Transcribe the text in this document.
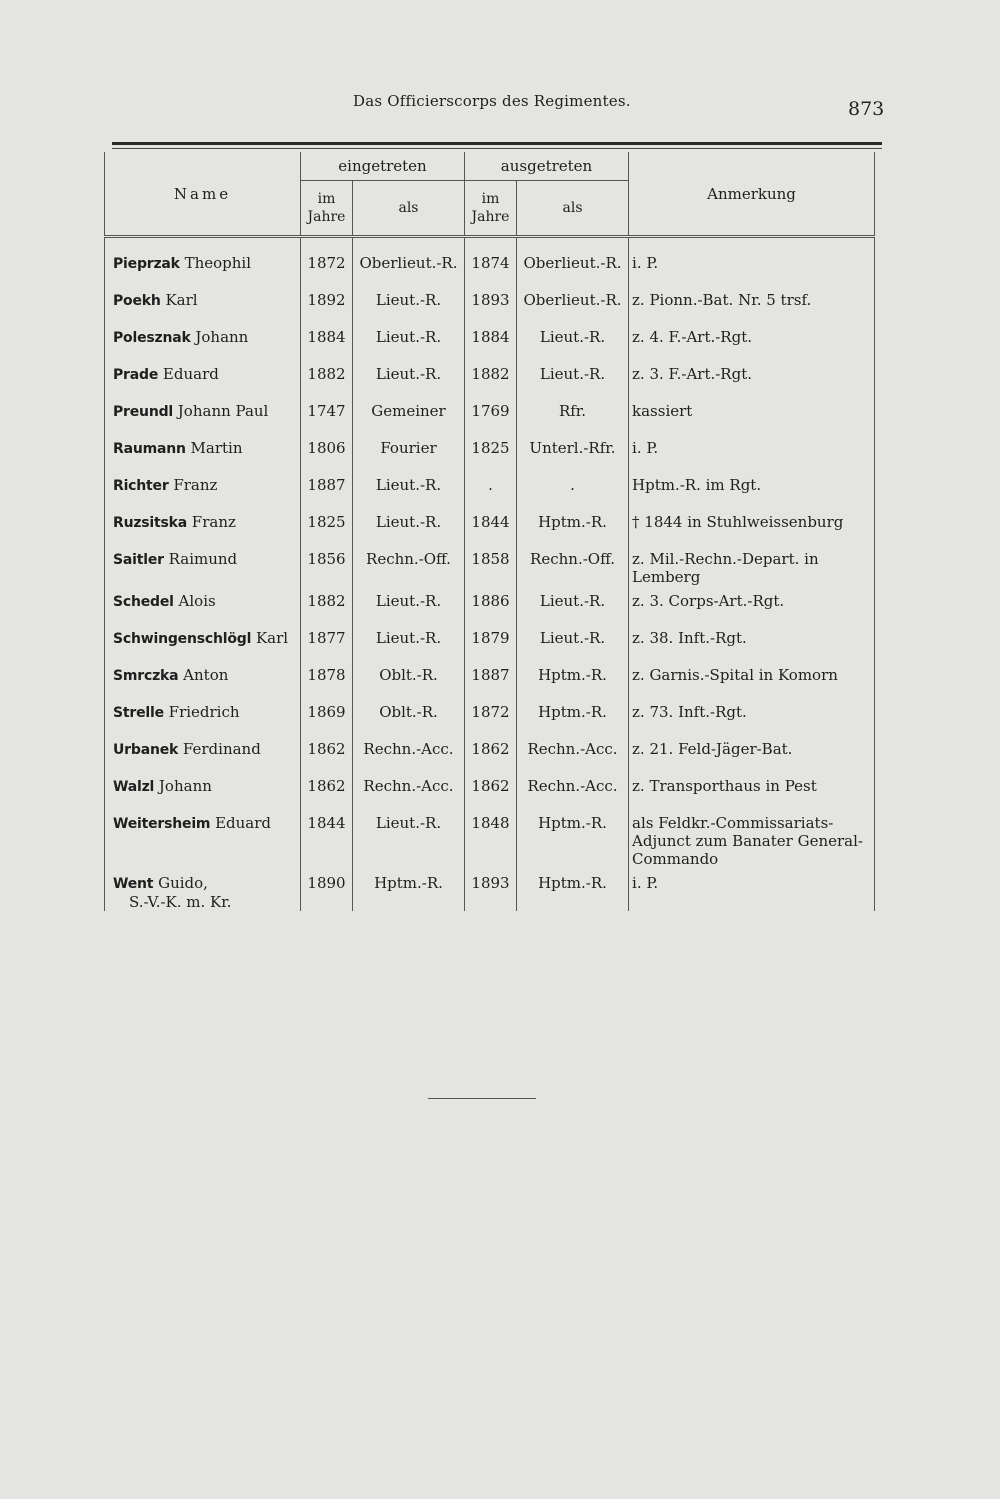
Das Officierscorps des Regimentes.	873
Name	eingetreten		ausgetreten		Anmerkung
	im Jahre	als	im Jahre	als	

Pieprzak Theophil	1872	Oberlieut.-R.	1874	Oberlieut.-R.	i. P.
Poekh Karl	1892	Lieut.-R.	1893	Oberlieut.-R.	z. Pionn.-Bat. Nr. 5 trsf.
Polesznak Johann	1884	Lieut.-R.	1884	Lieut.-R.	z. 4. F.-Art.-Rgt.
Prade Eduard	1882	Lieut.-R.	1882	Lieut.-R.	z. 3. F.-Art.-Rgt.
Preundl Johann Paul	1747	Gemeiner	1769	Rfr.	kassiert
Raumann Martin	1806	Fourier	1825	Unterl.-Rfr.	i. P.
Richter Franz	1887	Lieut.-R.	.	.	Hptm.-R. im Rgt.
Ruzsitska Franz	1825	Lieut.-R.	1844	Hptm.-R.	† 1844 in Stuhlweissenburg
Saitler Raimund	1856	Rechn.-Off.	1858	Rechn.-Off.	z. Mil.-Rechn.-Depart. in Lemberg
Schedel Alois	1882	Lieut.-R.	1886	Lieut.-R.	z. 3. Corps-Art.-Rgt.
Schwingenschlögl Karl	1877	Lieut.-R.	1879	Lieut.-R.	z. 38. Inft.-Rgt.
Smrczka Anton	1878	Oblt.-R.	1887	Hptm.-R.	z. Garnis.-Spital in Komorn
Strelle Friedrich	1869	Oblt.-R.	1872	Hptm.-R.	z. 73. Inft.-Rgt.
Urbanek Ferdinand	1862	Rechn.-Acc.	1862	Rechn.-Acc.	z. 21. Feld-Jäger-Bat.
Walzl Johann	1862	Rechn.-Acc.	1862	Rechn.-Acc.	z. Transporthaus in Pest
Weitersheim Eduard	1844	Lieut.-R.	1848	Hptm.-R.	als Feldkr.-Commissariats-Adjunct zum Banater General-Commando
Went Guido,
S.-V.-K. m. Kr.	1890	Hptm.-R.	1893	Hptm.-R.	i. P.
